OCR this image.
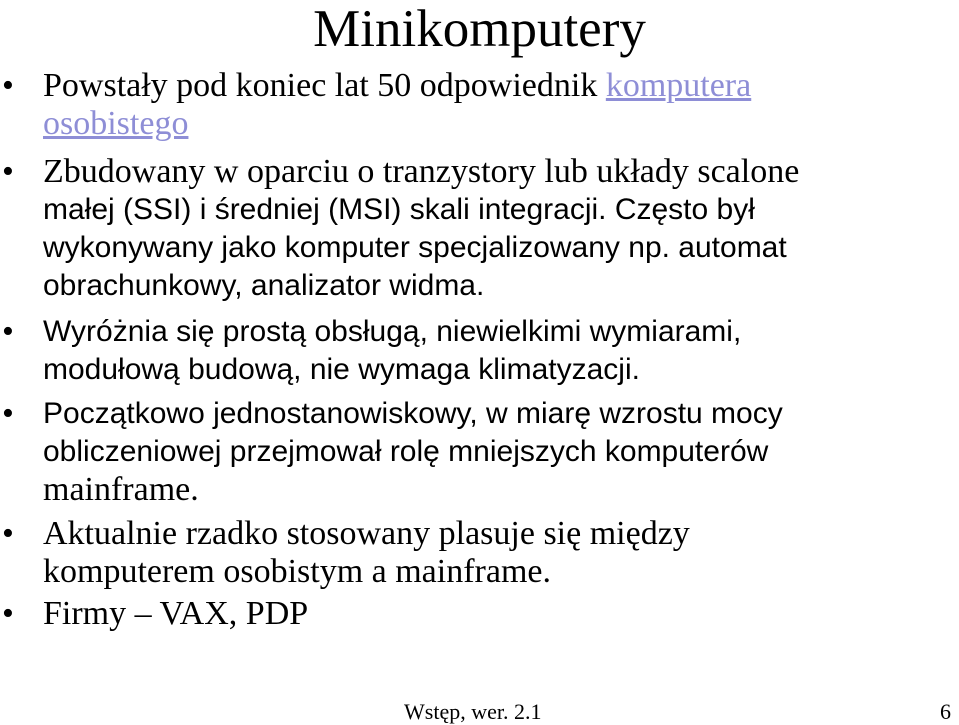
Minikomputery
• Powstały pod koniec lat 50 odpowiednik komputera
osobistego
• Zbudowany w oparciu o tranzystory lub układy scalone
małej (SSI) i średniej (MSI) skali integracji. Często był
wykonywany jako komputer specjalizowany np. automat
obrachunkowy, analizator widma.
• Wyróżnia się prostą obsługą, niewielkimi wymiarami,
modułową budową, nie wymaga klimatyzacji.
• Początkowo jednostanowiskowy, w miarę wzrostu mocy
obliczeniowej przejmował rolę mniejszych komputerów
mainframe.
• Aktualnie rzadko stosowany plasuje się między
komputerem osobistym a mainframe.
• Firmy – VAX, PDP
Wstęp, wer. 2.1	6
